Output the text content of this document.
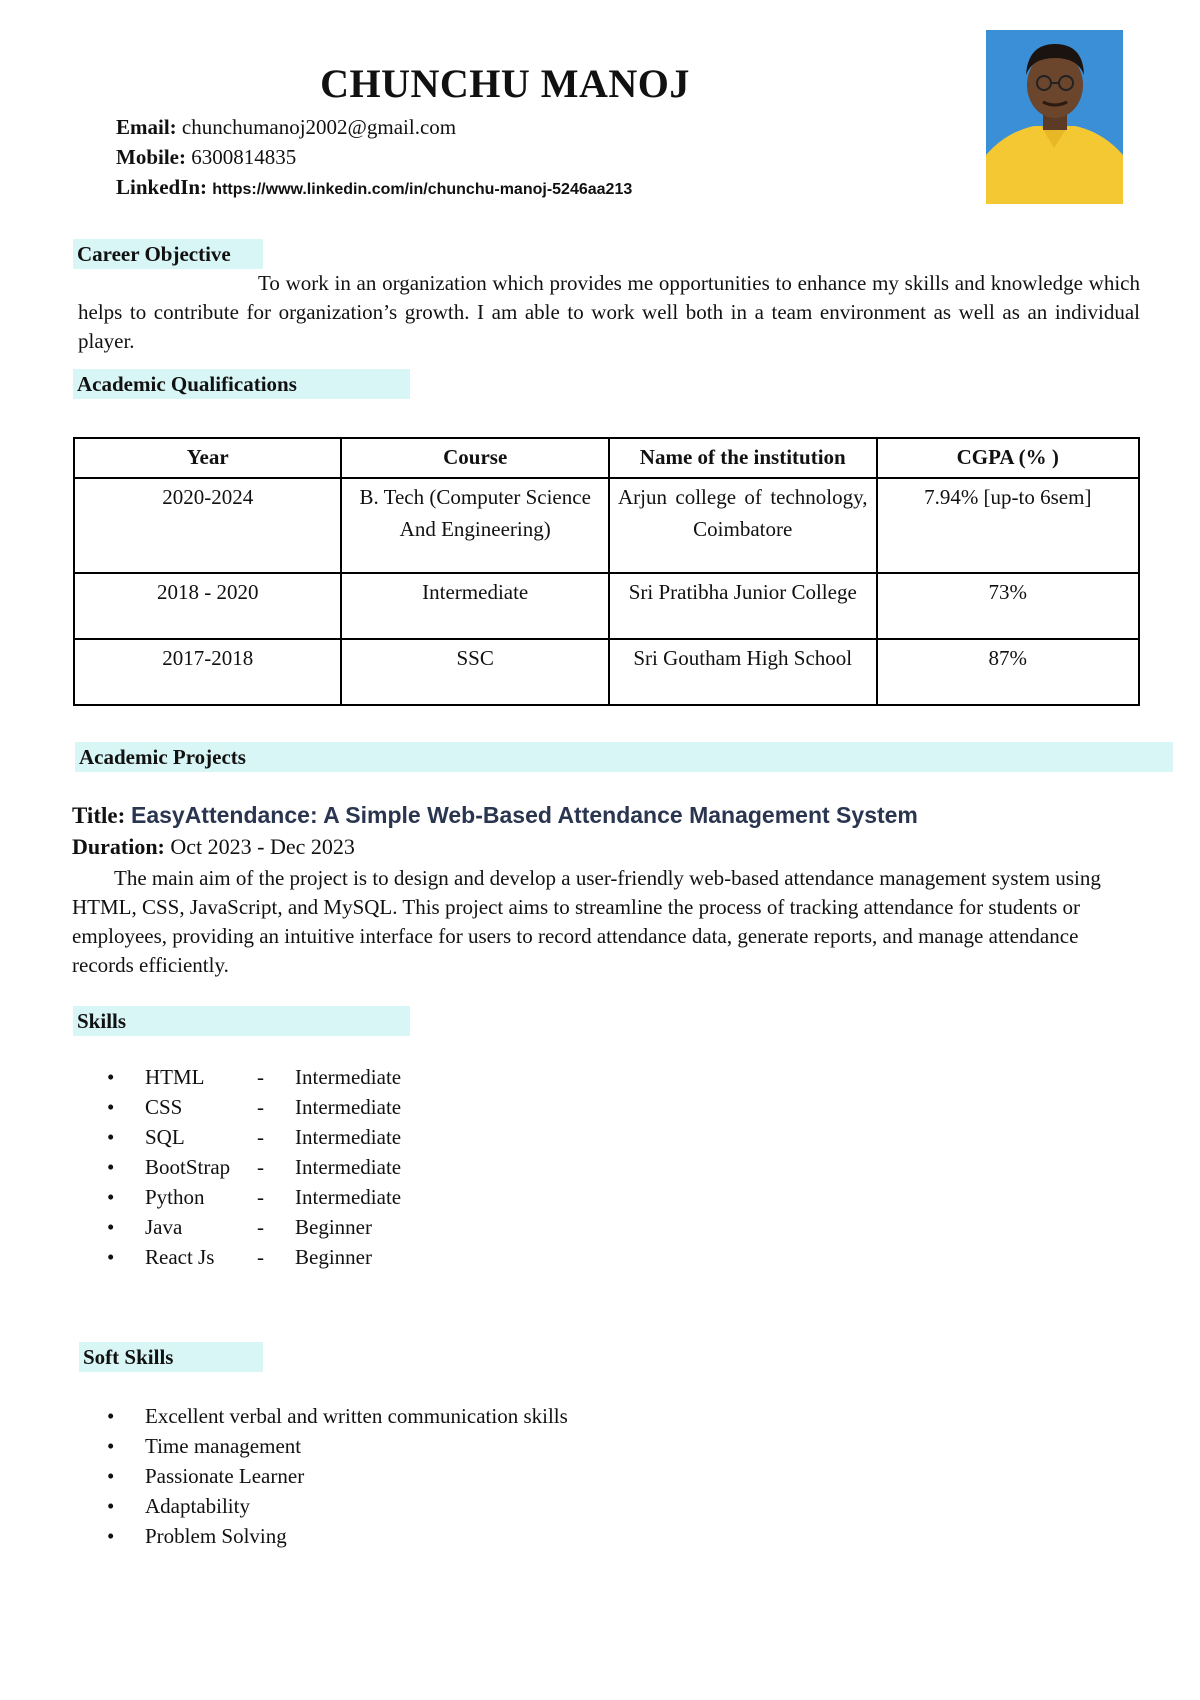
CHUNCHU MANOJ
Email: chunchumanoj2002@gmail.com
Mobile: 6300814835
LinkedIn: https://www.linkedin.com/in/chunchu-manoj-5246aa213
Career Objective
To work in an organization which provides me opportunities to enhance my skills and knowledge which helps to contribute for organization’s growth. I am able to work well both in a team environment as well as an individual player.
Academic Qualifications
Year	Course	Name of the institution	CGPA (% )
2020-2024	B. Tech (Computer Science And Engineering)	Arjun college of technology, Coimbatore	7.94% [up-to 6sem]
2018 - 2020	Intermediate	Sri Pratibha Junior College	73%
2017-2018	SSC	Sri Goutham High School	87%
Academic Projects
Title: EasyAttendance: A Simple Web-Based Attendance Management System
Duration: Oct 2023 - Dec 2023
The main aim of the project is to design and develop a user-friendly web-based attendance management system using HTML, CSS, JavaScript, and MySQL. This project aims to streamline the process of tracking attendance for students or employees, providing an intuitive interface for users to record attendance data, generate reports, and manage attendance records efficiently.
Skills
• HTML	- Intermediate
• CSS	- Intermediate
• SQL	- Intermediate
• BootStrap - Intermediate
• Python - Intermediate
• Java	- Beginner
• React Js - Beginner
Soft Skills
• Excellent verbal and written communication skills
• Time management
• Passionate Learner
• Adaptability
• Problem Solving
